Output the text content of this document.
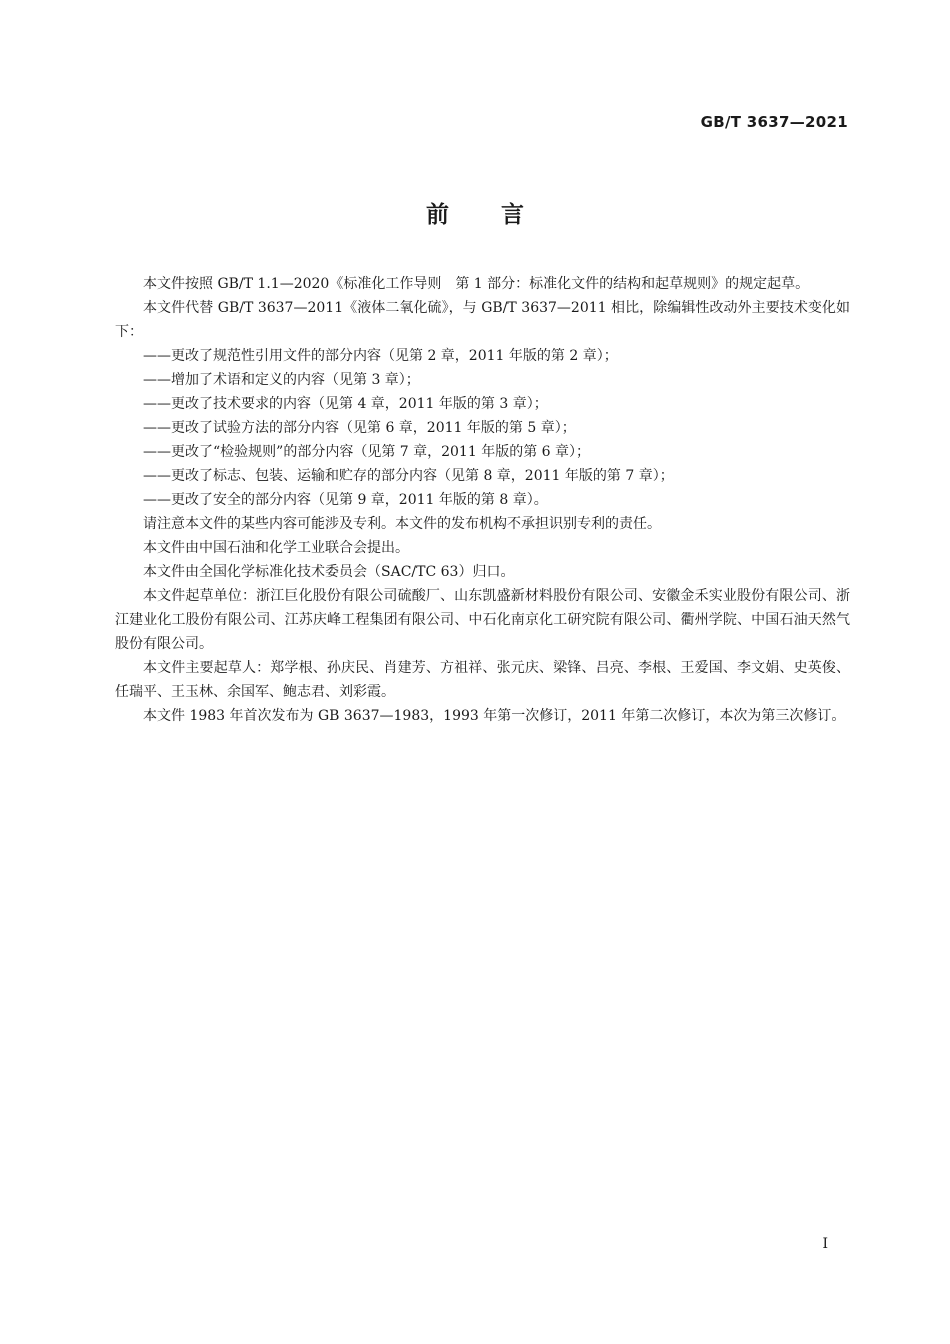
GB/T 3637—2021
前言

本文件按照 GB/T 1.1—2020《标准化工作导则　第 1 部分：标准化文件的结构和起草规则》的规定起草。

本文件代替 GB/T 3637—2011《液体二氧化硫》，与 GB/T 3637—2011 相比，除编辑性改动外主要技术变化如下：

——更改了规范性引用文件的部分内容（见第 2 章，2011 年版的第 2 章）；

——增加了术语和定义的内容（见第 3 章）；

——更改了技术要求的内容（见第 4 章，2011 年版的第 3 章）；

——更改了试验方法的部分内容（见第 6 章，2011 年版的第 5 章）；

——更改了“检验规则”的部分内容（见第 7 章，2011 年版的第 6 章）；

——更改了标志、包装、运输和贮存的部分内容（见第 8 章，2011 年版的第 7 章）；

——更改了安全的部分内容（见第 9 章，2011 年版的第 8 章）。

请注意本文件的某些内容可能涉及专利。本文件的发布机构不承担识别专利的责任。

本文件由中国石油和化学工业联合会提出。

本文件由全国化学标准化技术委员会（SAC/TC 63）归口。

本文件起草单位：浙江巨化股份有限公司硫酸厂、山东凯盛新材料股份有限公司、安徽金禾实业股份有限公司、浙江建业化工股份有限公司、江苏庆峰工程集团有限公司、中石化南京化工研究院有限公司、衢州学院、中国石油天然气股份有限公司。

本文件主要起草人：郑学根、孙庆民、肖建芳、方祖祥、张元庆、梁锋、吕亮、李根、王爱国、李文娟、史英俊、任瑞平、王玉林、余国军、鲍志君、刘彩霞。

本文件 1983 年首次发布为 GB 3637—1983，1993 年第一次修订，2011 年第二次修订，本次为第三次修订。

I
